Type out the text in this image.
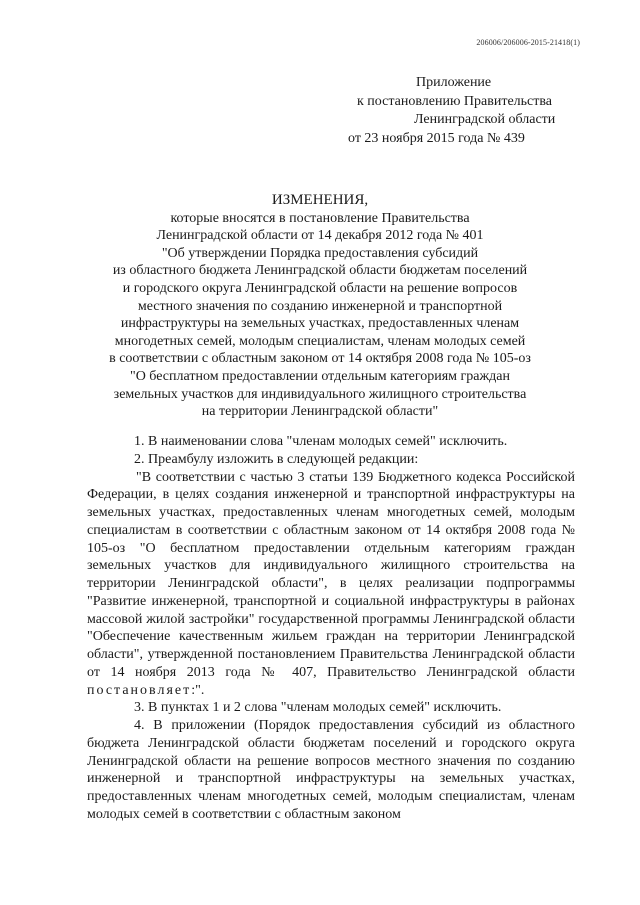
206006/206006-2015-21418(1)
Приложение
к постановлению Правительства
Ленинградской области
от 23 ноября 2015 года № 439
ИЗМЕНЕНИЯ,
которые вносятся в постановление Правительства
Ленинградской области от 14 декабря 2012 года № 401
"Об утверждении Порядка предоставления субсидий
из областного бюджета Ленинградской области бюджетам поселений
и городского округа Ленинградской области на решение вопросов
местного значения по созданию инженерной и транспортной
инфраструктуры на земельных участках, предоставленных членам
многодетных семей, молодым специалистам, членам молодых семей
в соответствии с областным законом от 14 октября 2008 года № 105-оз
"О бесплатном предоставлении отдельным категориям граждан
земельных участков для индивидуального жилищного строительства
на территории Ленинградской области"

1. В наименовании слова "членам молодых семей" исключить.

2. Преамбулу изложить в следующей редакции:

"В соответствии с частью 3 статьи 139 Бюджетного кодекса Российской Федерации, в целях создания инженерной и транспортной инфраструктуры на земельных участках, предоставленных членам многодетных семей, молодым специалистам в соответствии с областным законом от 14 октября 2008 года № 105-оз "О бесплатном предоставлении отдельным категориям граждан земельных участков для индивидуального жилищного строительства на территории Ленинградской области", в целях реализации подпрограммы "Развитие инженерной, транспортной и социальной инфраструктуры в районах массовой жилой застройки" государственной программы Ленинградской области "Обеспечение качественным жильем граждан на территории Ленинградской области", утвержденной постановлением Правительства Ленинградской области от 14 ноября 2013 года № 407, Правительство Ленинградской области постановляет:".

3. В пунктах 1 и 2 слова "членам молодых семей" исключить.

4. В приложении (Порядок предоставления субсидий из областного бюджета Ленинградской области бюджетам поселений и городского округа Ленинградской области на решение вопросов местного значения по созданию инженерной и транспортной инфраструктуры на земельных участках, предоставленных членам многодетных семей, молодым специалистам, членам молодых семей в соответствии с областным законом
